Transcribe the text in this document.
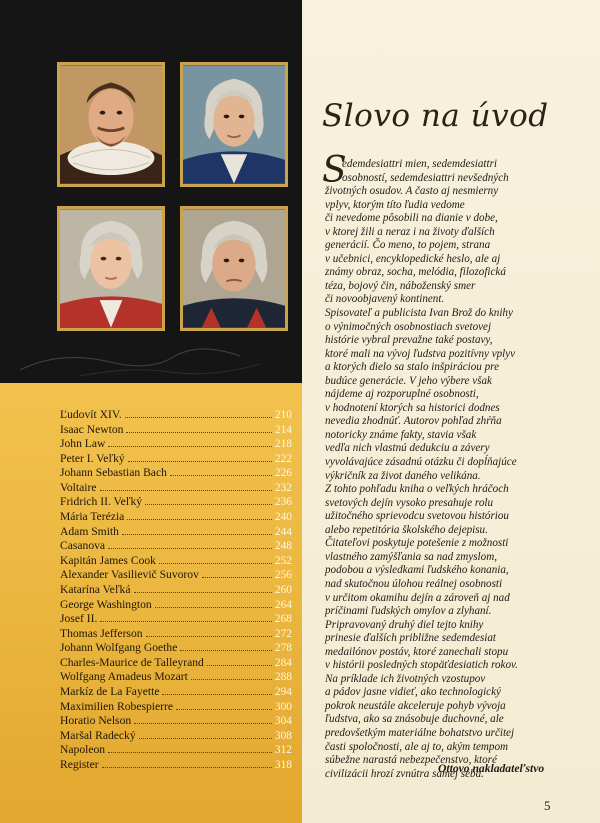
Ľudovít XIV.	210
Isaac Newton	214
John Law	218
Peter I. Veľký	222
Johann Sebastian Bach	226
Voltaire	232
Fridrich II. Veľký	236
Mária Terézia	240
Adam Smith	244
Casanova	248
Kapitán James Cook	252
Alexander Vasilievič Suvorov	256
Katarína Veľká	260
George Washington	264
Josef II.	268
Thomas Jefferson	272
Johann Wolfgang Goethe	278
Charles-Maurice de Talleyrand	284
Wolfgang Amadeus Mozart	288
Markíz de La Fayette	294
Maximilien Robespierre	300
Horatio Nelson	304
Maršal Radecký	308
Napoleon	312
Register	318
Slovo na úvod
S
edemdesiattri mien, sedemdesiattri
osobností, sedemdesiattri nevšedných
životných osudov. A často aj nesmierny
vplyv, ktorým títo ľudia vedome
či nevedome pôsobili na dianie v dobe,
v ktorej žili a neraz i na životy ďalších
generácií. Čo meno, to pojem, strana
v učebnici, encyklopedické heslo, ale aj
známy obraz, socha, melódia, filozofická
téza, bojový čin, náboženský smer
či novoobjavený kontinent.
Spisovateľ a publicista Ivan Brož do knihy
o výnimočných osobnostiach svetovej
histórie vybral prevažne také postavy,
ktoré mali na vývoj ľudstva pozitívny vplyv
a ktorých dielo sa stalo inšpiráciou pre
budúce generácie. V jeho výbere však
nájdeme aj rozporuplné osobnosti,
v hodnotení ktorých sa historici dodnes
nevedia zhodnúť. Autorov pohľad zhŕňa
notoricky známe fakty, stavia však
vedľa nich vlastnú dedukciu a závery
vyvolávajúce zásadnú otázku či dopĺňajúce
výkričník za život daného velikána.
Z tohto pohľadu kniha o veľkých hráčoch
svetových dejín vysoko presahuje rolu
užitočného sprievodcu svetovou históriou
alebo repetitória školského dejepisu.
Čitateľovi poskytuje potešenie z možnosti
vlastného zamýšľania sa nad zmyslom,
podobou a výsledkami ľudského konania,
nad skutočnou úlohou reálnej osobnosti
v určitom okamihu dejín a zároveň aj nad
príčinami ľudských omylov a zlyhaní.
Pripravovaný druhý diel tejto knihy
prinesie ďalších približne sedemdesiat
medailónov postáv, ktoré zanechali stopu
v histórii posledných stopäťdesiatich rokov.
Na príklade ich životných vzostupov
a pádov jasne vidieť, ako technologický
pokrok neustále akceleruje pohyb vývoja
ľudstva, ako sa znásobuje duchovné, ale
predovšetkým materiálne bohatstvo určitej
časti spoločnosti, ale aj to, akým tempom
súbežne narastá nebezpečenstvo, ktoré
civilizácii hrozí zvnútra samej seba.
Ottovo nakladateľstvo
5
